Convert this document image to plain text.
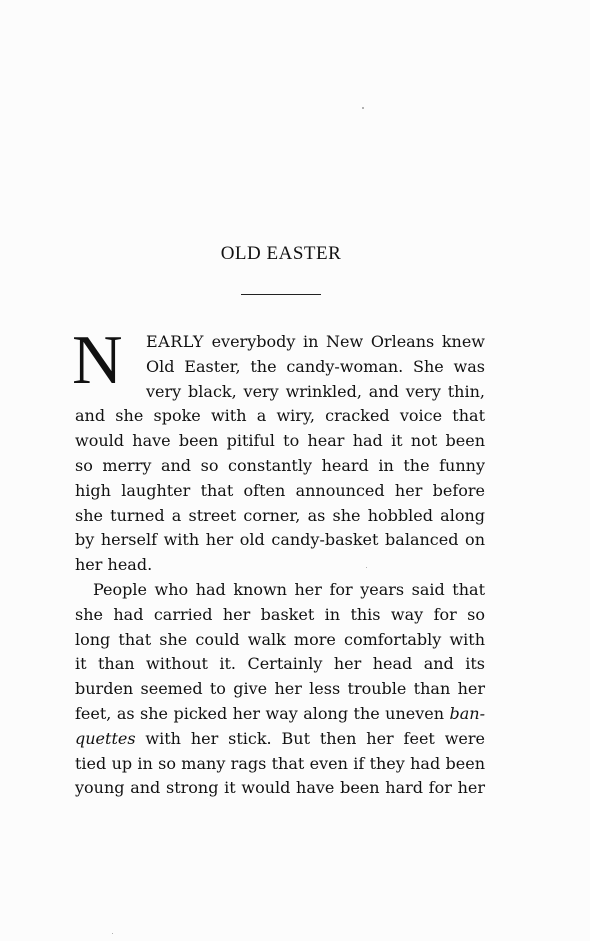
OLD EASTER
N	EARLY everybody in New Orleans knew
Old Easter, the candy-woman. She was
very black, very wrinkled, and very thin,
and she spoke with a wiry, cracked voice that
would have been pitiful to hear had it not been
so merry and so constantly heard in the funny
high laughter that often announced her before
she turned a street corner, as she hobbled along
by herself with her old candy-basket balanced on
her head.
People who had known her for years said that
she had carried her basket in this way for so
long that she could walk more comfortably with
it than without it. Certainly her head and its
burden seemed to give her less trouble than her
feet, as she picked her way along the uneven ban-
quettes with her stick. But then her feet were
tied up in so many rags that even if they had been
young and strong it would have been hard for her
